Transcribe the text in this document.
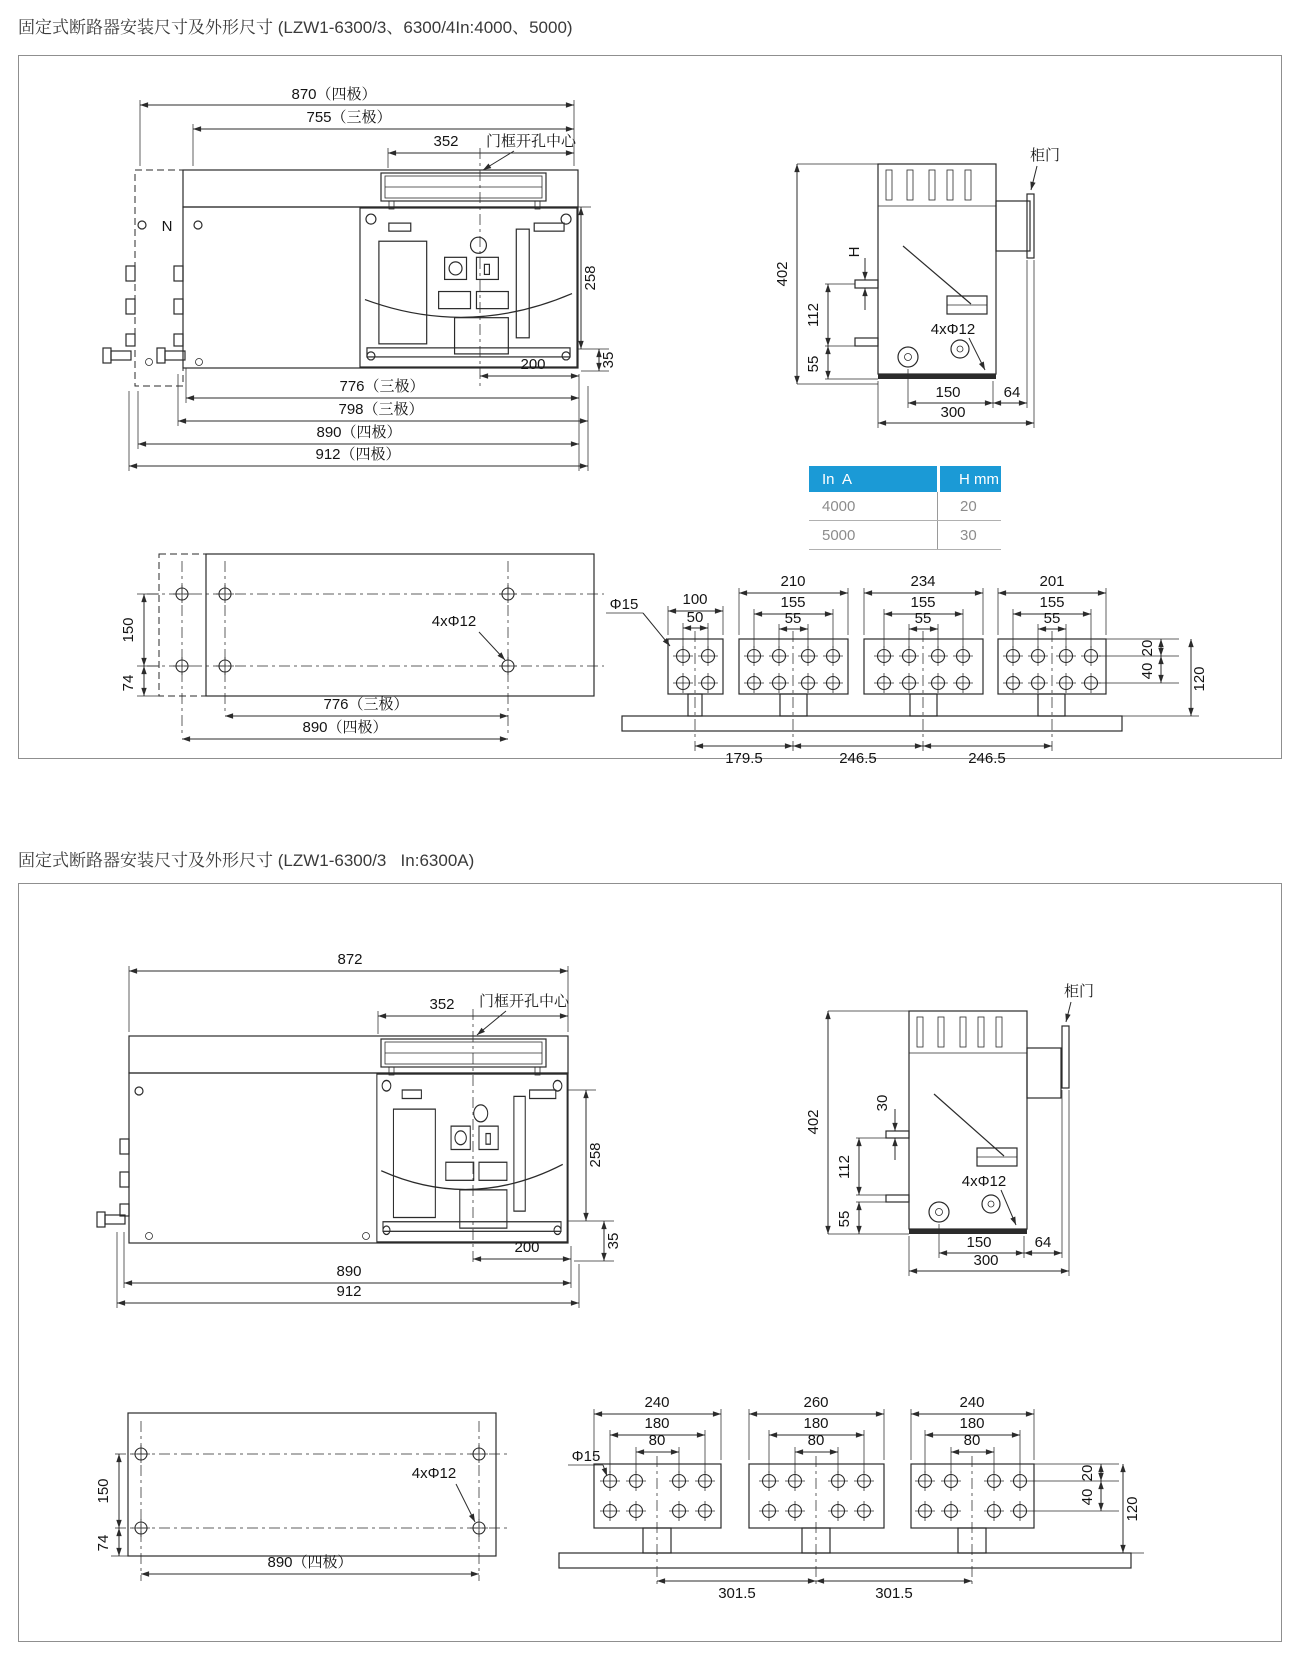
固定式断路器安装尺寸及外形尺寸 (LZW1-6300/3、6300/4In:4000、5000)
N
870（四极）
755（三极）
352 门框开孔中心
258
35
200
776（三极）
798（三极）
890（四极）
912（四极）
402
柜门
H
112
55
4xΦ12
150	64
300
150
74
4xΦ12
776（三极）
890（四极）
Φ15	100
50
210
155
55
234
155
55
201
155
55
20
40 120
179.5	246.5	246.5
In  A	H mm
4000	20
5000	30
固定式断路器安装尺寸及外形尺寸 (LZW1-6300/3   In:6300A)
872
352 门框开孔中心
258
35
200
890
912
402
柜门
30
112
55
4xΦ12
150	64
300
150
74
4xΦ12
890（四极）
Φ15
240
180
80
260
180
80
240
180
80
20
40 120
301.5	301.5
